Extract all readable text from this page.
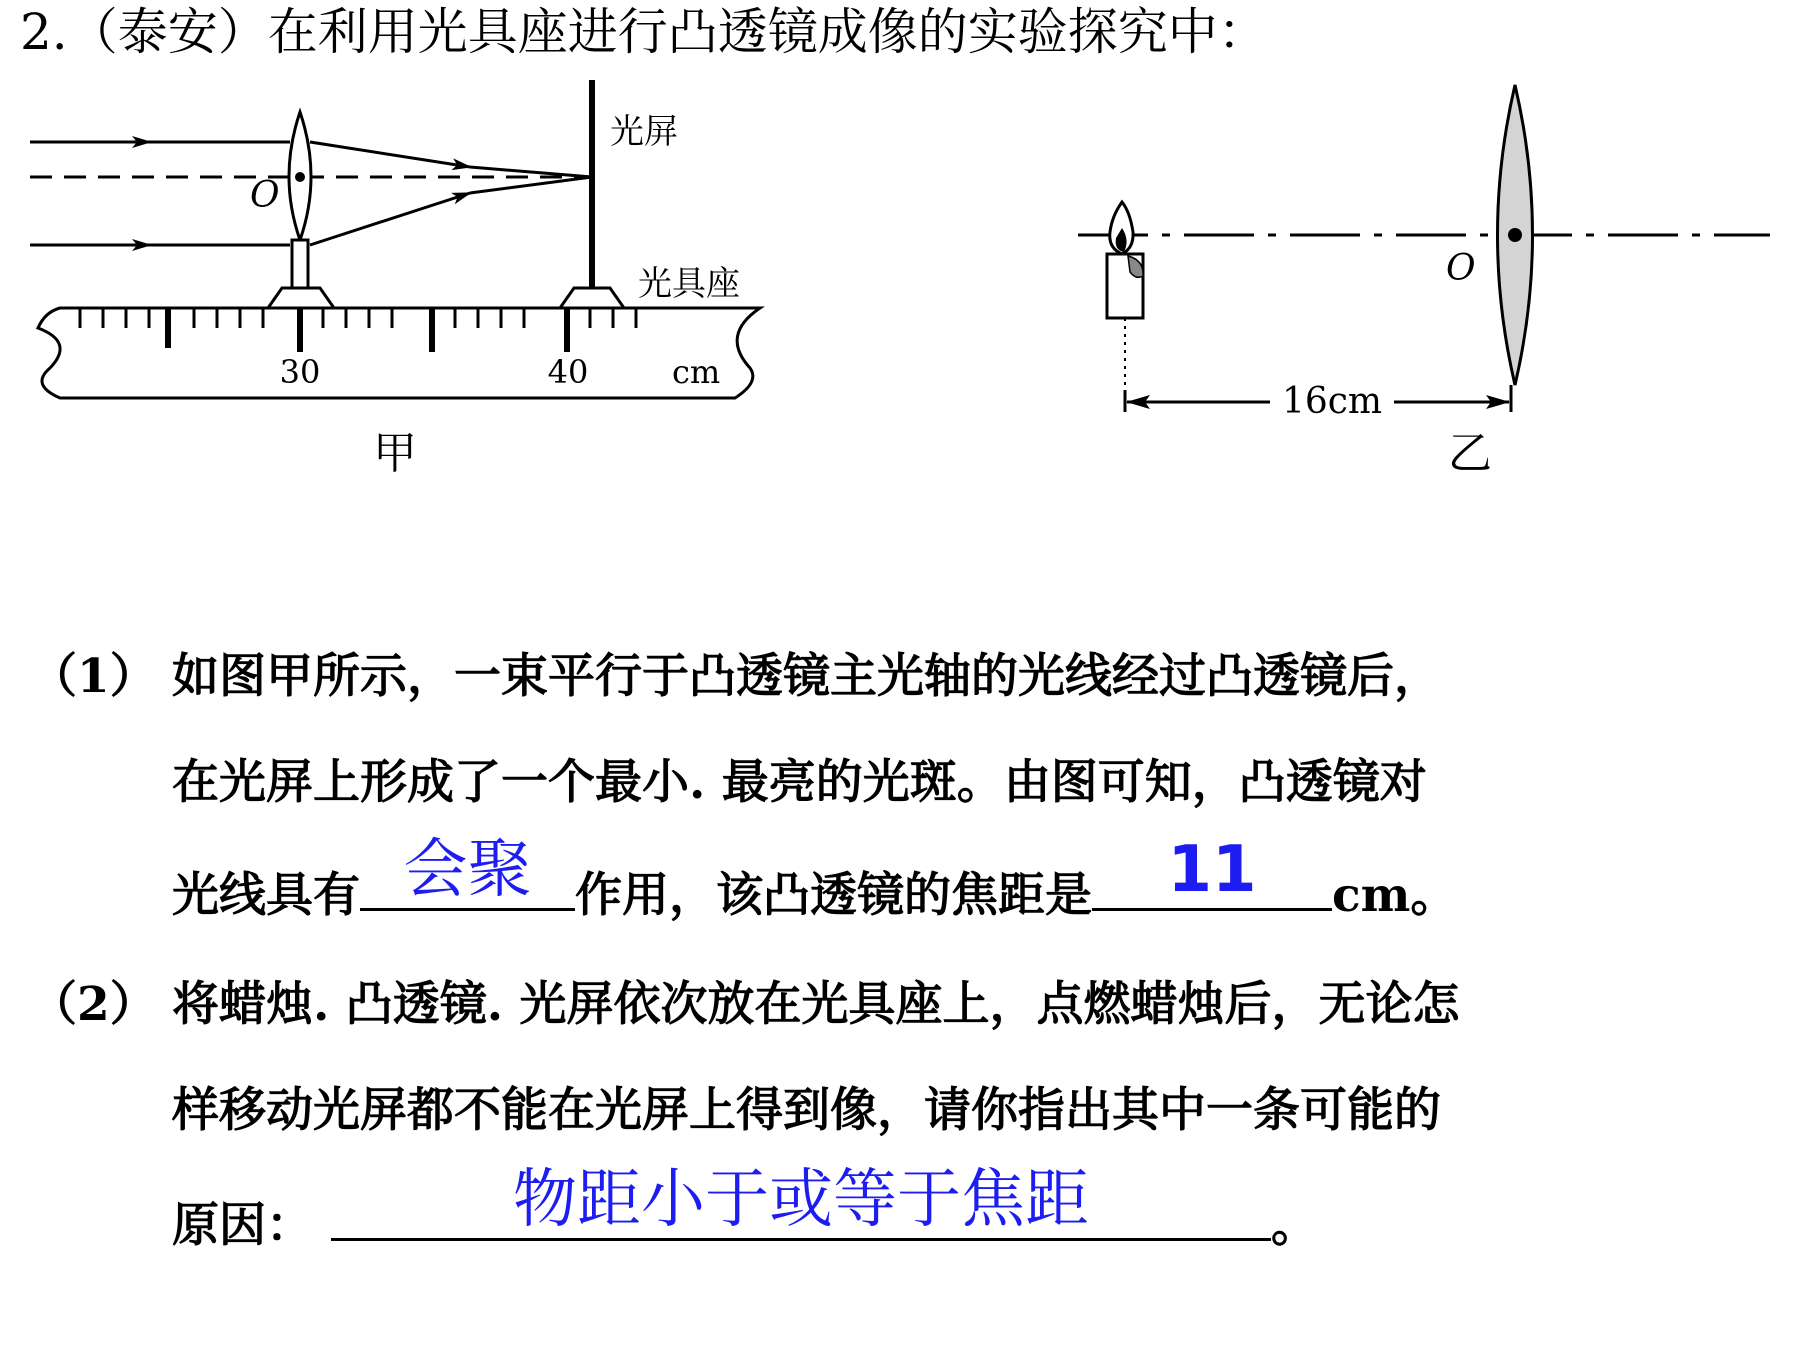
2.（泰安）在利用光具座进行凸透镜成像的实验探究中：
O
光屏
光具座
30	40	cm
甲
O
16cm
乙
（1） 如图甲所示，一束平行于凸透镜主光轴的光线经过凸透镜后，
在光屏上形成了一个最小. 最亮的光斑。由图可知，凸透镜对
光线具有 会聚 作用，该凸透镜的焦距是	11	cm。
（2） 将蜡烛. 凸透镜. 光屏依次放在光具座上，点燃蜡烛后，无论怎
样移动光屏都不能在光屏上得到像，请你指出其中一条可能的
原因：	物距小于或等于焦距	。
